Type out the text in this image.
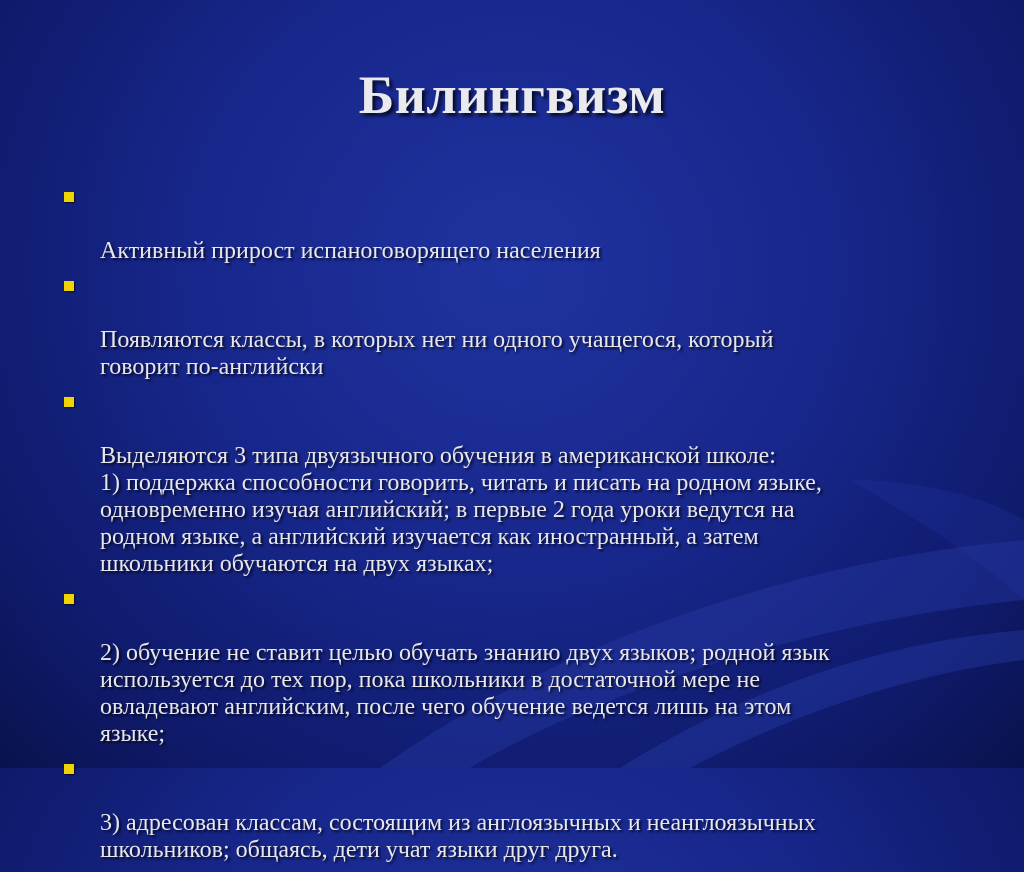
Билингвизм

Активный прирост испаноговорящего населения

Появляются классы, в которых нет ни одного учащегося, который
говорит по-английски

Выделяются 3 типа двуязычного обучения в американской школе:
1) поддержка способности говорить, читать и писать на родном языке,
одновременно изучая английский; в первые 2 года уроки ведутся на
родном языке, а английский изучается как иностранный, а затем
школьники обучаются на двух языках;

2) обучение не ставит целью обучать знанию двух языков; родной язык
используется до тех пор, пока школьники в достаточной мере не
овладевают английским, после чего обучение ведется лишь на этом
языке;

3) адресован классам, состоящим из англоязычных и неанглоязычных
школьников; общаясь, дети учат языки друг друга.
